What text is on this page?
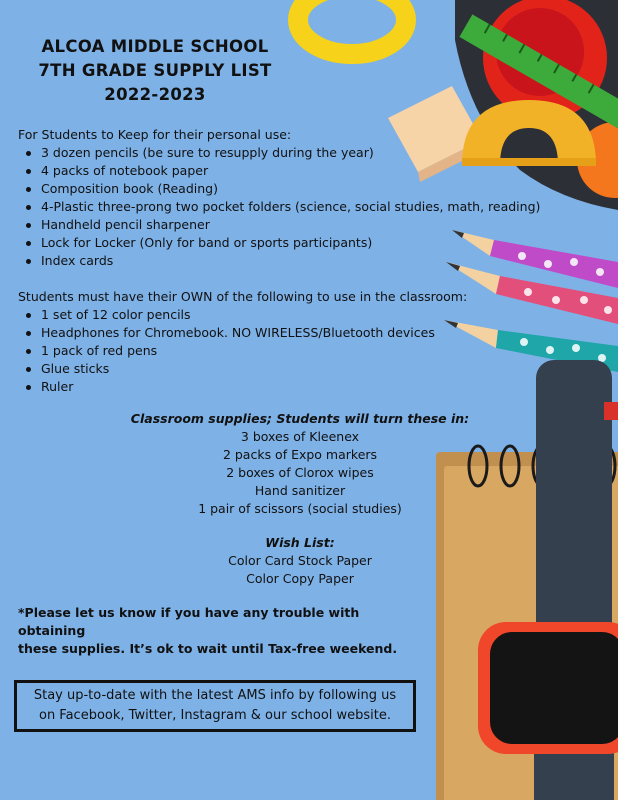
ALCOA MIDDLE SCHOOL
7TH GRADE SUPPLY LIST
2022-2023
For Students to Keep for their personal use:
3 dozen pencils (be sure to resupply during the year)
4 packs of notebook paper
Composition book (Reading)
4-Plastic three-prong two pocket folders (science, social studies, math, reading)
Handheld pencil sharpener
Lock for Locker (Only for band or sports participants)
Index cards
Students must have their OWN of the following to use in the classroom:
1 set of 12 color pencils
Headphones for Chromebook. NO WIRELESS/Bluetooth devices
1 pack of red pens
Glue sticks
Ruler
Classroom supplies; Students will turn these in:
3 boxes of Kleenex
2 packs of Expo markers
2 boxes of Clorox wipes
Hand sanitizer
1 pair of scissors (social studies)
Wish List:
Color Card Stock Paper
Color Copy Paper
*Please let us know if you have any trouble with obtaining
these supplies. It’s ok to wait until Tax-free weekend.
Stay up-to-date with the latest AMS info by following us
on Facebook, Twitter, Instagram & our school website.
